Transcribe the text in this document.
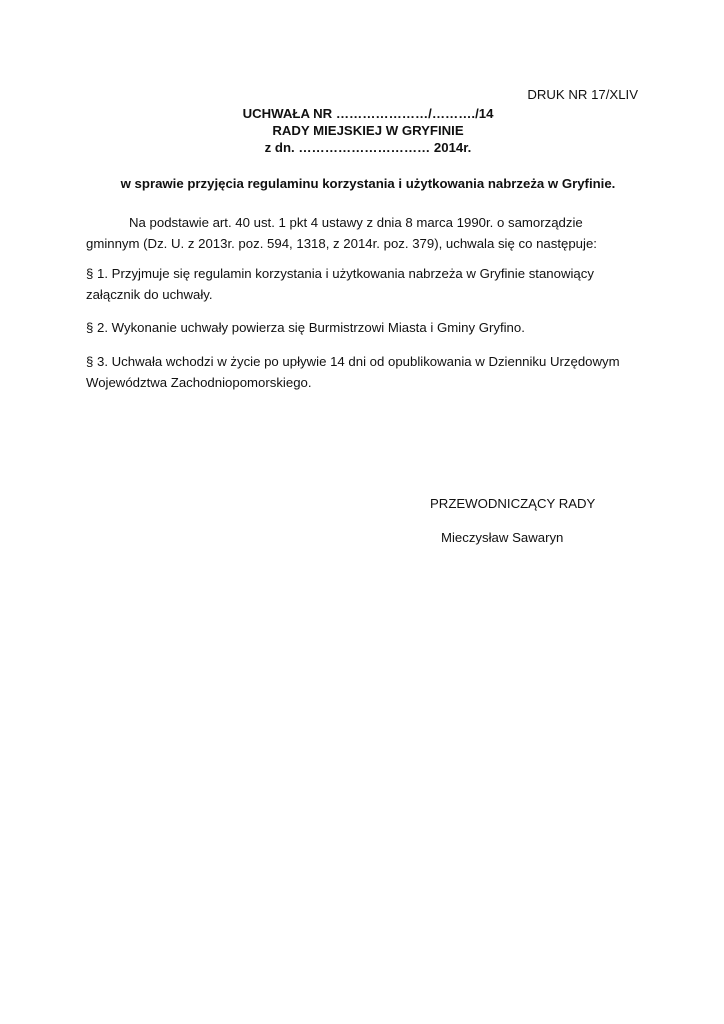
DRUK NR 17/XLIV
UCHWAŁA NR …………………/………./14
RADY MIEJSKIEJ W GRYFINIE
z dn. ………………………… 2014r.
w sprawie przyjęcia regulaminu korzystania i użytkowania nabrzeża w Gryfinie.
Na podstawie art. 40 ust. 1 pkt 4 ustawy z dnia 8 marca 1990r. o samorządzie
gminnym (Dz. U. z 2013r. poz. 594, 1318, z 2014r. poz. 379), uchwala się co następuje:
§ 1. Przyjmuje się regulamin korzystania i użytkowania nabrzeża w Gryfinie stanowiący
załącznik do uchwały.
§ 2. Wykonanie uchwały powierza się Burmistrzowi Miasta i Gminy Gryfino.
§ 3. Uchwała wchodzi w życie po upływie 14 dni od opublikowania w Dzienniku Urzędowym
Województwa Zachodniopomorskiego.
PRZEWODNICZĄCY RADY
Mieczysław Sawaryn
